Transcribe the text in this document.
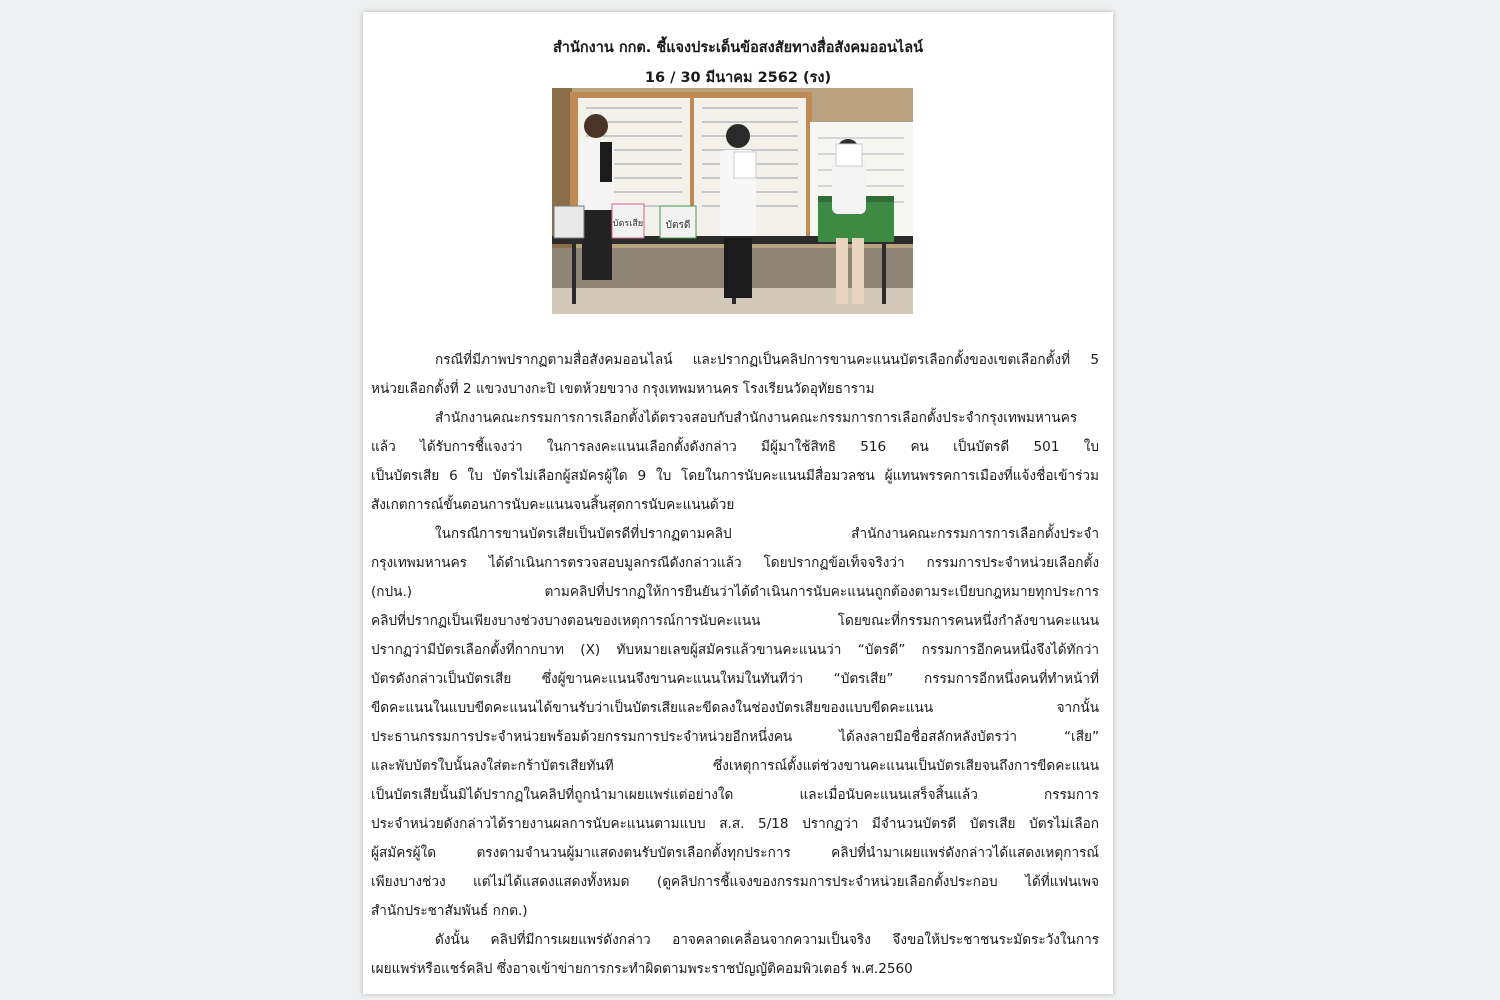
สำนักงาน กกต. ชี้แจงประเด็นข้อสงสัยทางสื่อสังคมออนไลน์
16 / 30 มีนาคม 2562 (รง)
บัตรเสีย บัตรดี
กรณีที่มีภาพปรากฏตามสื่อสังคมออนไลน์ และปรากฏเป็นคลิปการขานคะแนนบัตรเลือกตั้งของเขตเลือกตั้งที่ 5
หน่วยเลือกตั้งที่ 2 แขวงบางกะปิ เขตห้วยขวาง กรุงเทพมหานคร โรงเรียนวัดอุทัยธาราม
สำนักงานคณะกรรมการการเลือกตั้งได้ตรวจสอบกับสำนักงานคณะกรรมการการเลือกตั้งประจำกรุงเทพมหานคร
แล้ว ได้รับการชี้แจงว่า ในการลงคะแนนเลือกตั้งดังกล่าว มีผู้มาใช้สิทธิ 516 คน เป็นบัตรดี 501 ใบ
เป็นบัตรเสีย 6 ใบ บัตรไม่เลือกผู้สมัครผู้ใด 9 ใบ โดยในการนับคะแนนมีสื่อมวลชน ผู้แทนพรรคการเมืองที่แจ้งชื่อเข้าร่วม
สังเกตการณ์ขั้นตอนการนับคะแนนจนสิ้นสุดการนับคะแนนด้วย
ในกรณีการขานบัตรเสียเป็นบัตรดีที่ปรากฏตามคลิป สำนักงานคณะกรรมการการเลือกตั้งประจำ
กรุงเทพมหานคร ได้ดำเนินการตรวจสอบมูลกรณีดังกล่าวแล้ว โดยปรากฏข้อเท็จจริงว่า กรรมการประจำหน่วยเลือกตั้ง
(กปน.) ตามคลิปที่ปรากฏให้การยืนยันว่าได้ดำเนินการนับคะแนนถูกต้องตามระเบียบกฎหมายทุกประการ
คลิปที่ปรากฏเป็นเพียงบางช่วงบางตอนของเหตุการณ์การนับคะแนน โดยขณะที่กรรมการคนหนึ่งกำลังขานคะแนน
ปรากฏว่ามีบัตรเลือกตั้งที่กากบาท (X) ทับหมายเลขผู้สมัครแล้วขานคะแนนว่า “บัตรดี” กรรมการอีกคนหนึ่งจึงได้ทักว่า
บัตรดังกล่าวเป็นบัตรเสีย ซึ่งผู้ขานคะแนนจึงขานคะแนนใหม่ในทันทีว่า “บัตรเสีย” กรรมการอีกหนึ่งคนที่ทำหน้าที่
ขีดคะแนนในแบบขีดคะแนนได้ขานรับว่าเป็นบัตรเสียและขีดลงในช่องบัตรเสียของแบบขีดคะแนน จากนั้น
ประธานกรรมการประจำหน่วยพร้อมด้วยกรรมการประจำหน่วยอีกหนึ่งคน ได้ลงลายมือชื่อสลักหลังบัตรว่า “เสีย”
และพับบัตรใบนั้นลงใส่ตะกร้าบัตรเสียทันที ซึ่งเหตุการณ์ตั้งแต่ช่วงขานคะแนนเป็นบัตรเสียจนถึงการขีดคะแนน
เป็นบัตรเสียนั้นมิได้ปรากฏในคลิปที่ถูกนำมาเผยแพร่แต่อย่างใด และเมื่อนับคะแนนเสร็จสิ้นแล้ว กรรมการ
ประจำหน่วยดังกล่าวได้รายงานผลการนับคะแนนตามแบบ ส.ส. 5/18 ปรากฏว่า มีจำนวนบัตรดี บัตรเสีย บัตรไม่เลือก
ผู้สมัครผู้ใด ตรงตามจำนวนผู้มาแสดงตนรับบัตรเลือกตั้งทุกประการ คลิปที่นำมาเผยแพร่ดังกล่าวได้แสดงเหตุการณ์
เพียงบางช่วง แต่ไม่ได้แสดงแสดงทั้งหมด (ดูคลิปการชี้แจงของกรรมการประจำหน่วยเลือกตั้งประกอบ ได้ที่แฟนเพจ
สำนักประชาสัมพันธ์ กกต.)
ดังนั้น คลิปที่มีการเผยแพร่ดังกล่าว อาจคลาดเคลื่อนจากความเป็นจริง จึงขอให้ประชาชนระมัดระวังในการ
เผยแพร่หรือแชร์คลิป ซึ่งอาจเข้าข่ายการกระทำผิดตามพระราชบัญญัติคอมพิวเตอร์ พ.ศ.2560
